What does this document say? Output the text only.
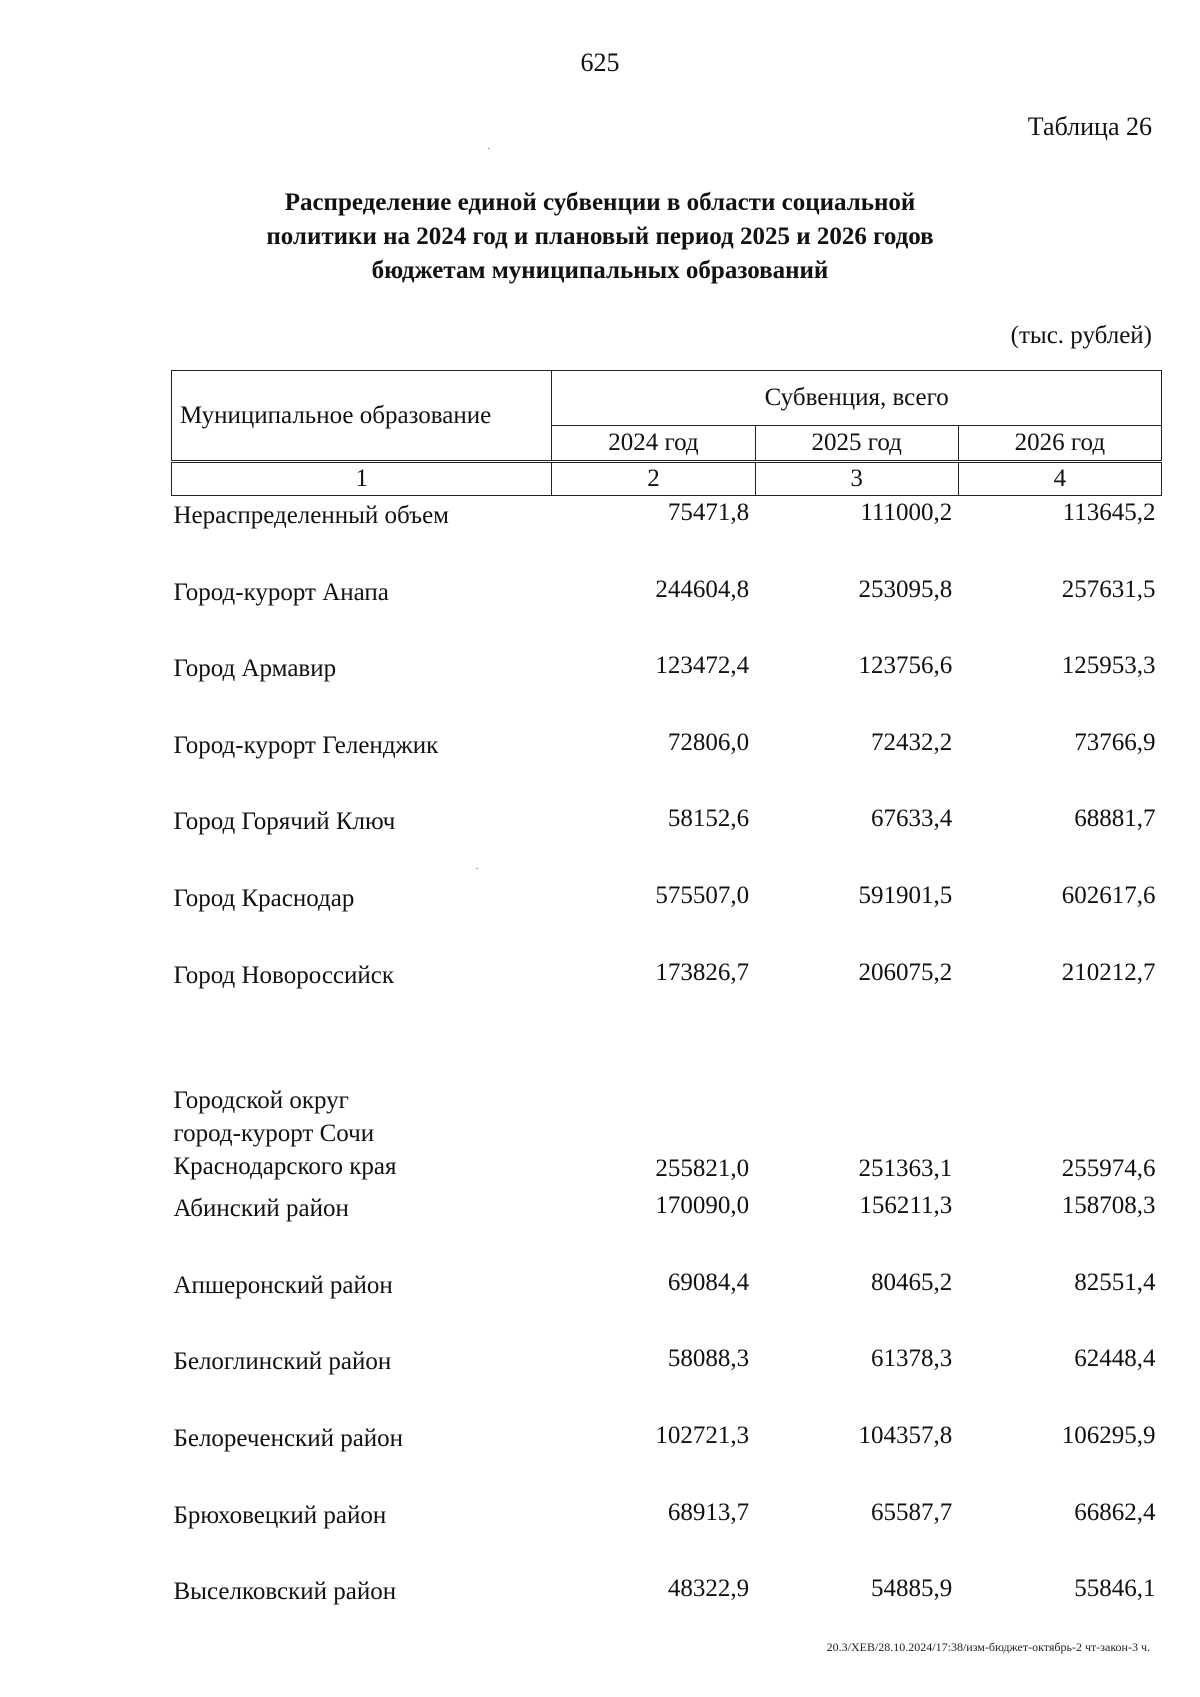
625
Таблица 26
Распределение единой субвенции в области социальной
политики на 2024 год и плановый период 2025 и 2026 годов
бюджетам муниципальных образований
(тыс. рублей)
Муниципальное образование	Субвенция, всего		
	2024 год	2025 год	2026 год
1	2	3	4

Нераспределенный объем	75471,8	111000,2	113645,2

Город-курорт Анапа	244604,8	253095,8	257631,5

Город Армавир	123472,4	123756,6	125953,3

Город-курорт Геленджик	72806,0	72432,2	73766,9

Город Горячий Ключ	58152,6	67633,4	68881,7

Город Краснодар	575507,0	591901,5	602617,6

Город Новороссийск	173826,7	206075,2	210212,7

Городской округ
город-курорт Сочи
Краснодарского края	255821,0	251363,1	255974,6

Абинский район	170090,0	156211,3	158708,3

Апшеронский район	69084,4	80465,2	82551,4

Белоглинский район	58088,3	61378,3	62448,4

Белореченский район	102721,3	104357,8	106295,9

Брюховецкий район	68913,7	65587,7	66862,4

Выселковский район	48322,9	54885,9	55846,1
20.3/ХЕВ/28.10.2024/17:38/изм-бюджет-октябрь-2 чт-закон-3 ч.
